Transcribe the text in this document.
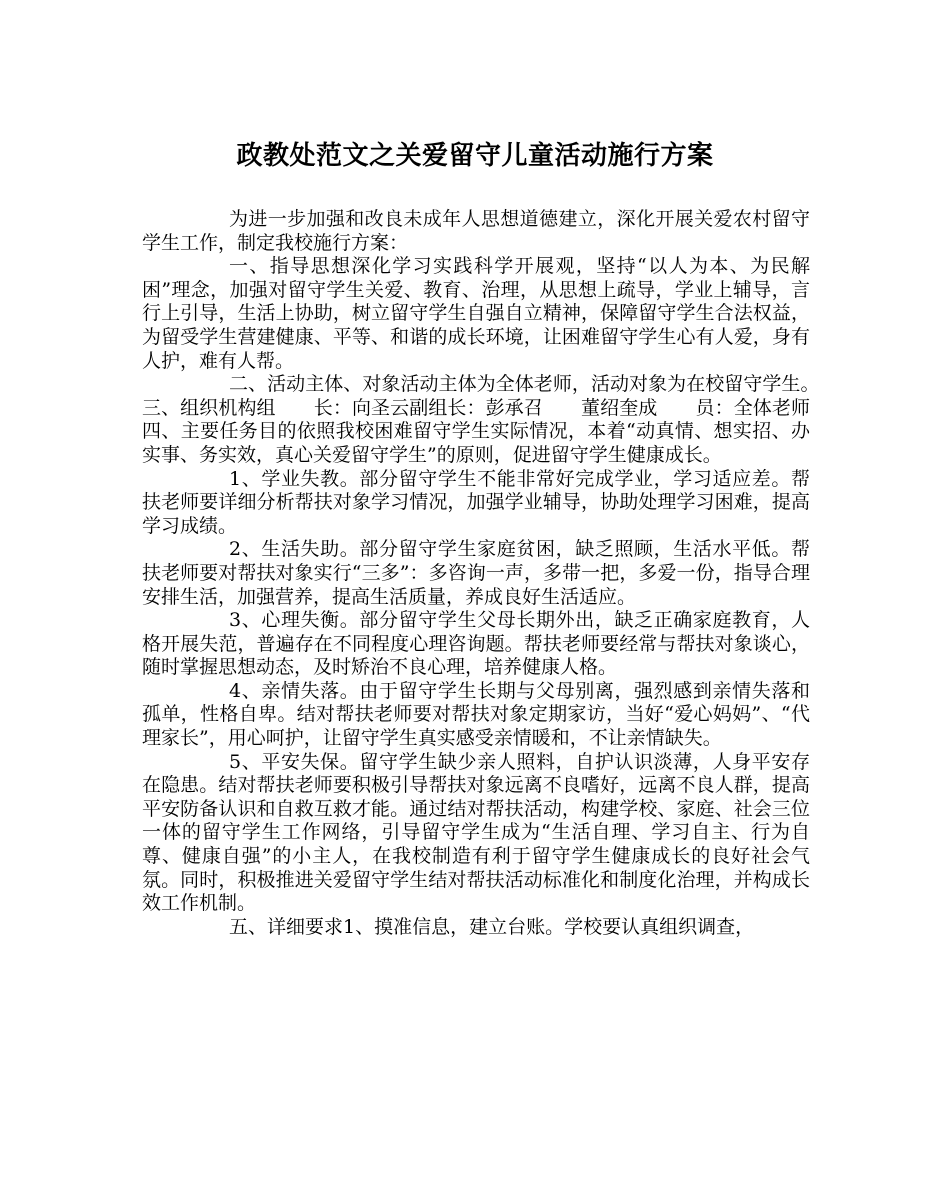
政教处范文之关爱留守儿童活动施行方案

为进一步加强和改良未成年人思想道德建立，深化开展关爱农村留守学生工作，制定我校施行方案：

一、指导思想深化学习实践科学开展观，坚持“以人为本、为民解困”理念，加强对留守学生关爱、教育、治理，从思想上疏导，学业上辅导，言行上引导，生活上协助，树立留守学生自强自立精神，保障留守学生合法权益，为留受学生营建健康、平等、和谐的成长环境，让困难留守学生心有人爱，身有人护，难有人帮。

二、活动主体、对象活动主体为全体老师，活动对象为在校留守学生。　　　三、组织机构组　　长：向圣云副组长：彭承召　　董绍奎成　　员：全体老师四、主要任务目的依照我校困难留守学生实际情况，本着“动真情、想实招、办实事、务实效，真心关爱留守学生”的原则，促进留守学生健康成长。

1、学业失教。部分留守学生不能非常好完成学业，学习适应差。帮扶老师要详细分析帮扶对象学习情况，加强学业辅导，协助处理学习困难，提高学习成绩。

2、生活失助。部分留守学生家庭贫困，缺乏照顾，生活水平低。帮扶老师要对帮扶对象实行“三多”：多咨询一声，多带一把，多爱一份，指导合理安排生活，加强营养，提高生活质量，养成良好生活适应。

3、心理失衡。部分留守学生父母长期外出，缺乏正确家庭教育，人格开展失范，普遍存在不同程度心理咨询题。帮扶老师要经常与帮扶对象谈心，随时掌握思想动态，及时矫治不良心理，培养健康人格。

4、亲情失落。由于留守学生长期与父母别离，强烈感到亲情失落和孤单，性格自卑。结对帮扶老师要对帮扶对象定期家访，当好“爱心妈妈”、“代理家长”，用心呵护，让留守学生真实感受亲情暖和，不让亲情缺失。

5、平安失保。留守学生缺少亲人照料，自护认识淡薄，人身平安存在隐患。结对帮扶老师要积极引导帮扶对象远离不良嗜好，远离不良人群，提高平安防备认识和自救互救才能。通过结对帮扶活动，构建学校、家庭、社会三位一体的留守学生工作网络，引导留守学生成为“生活自理、学习自主、行为自尊、健康自强”的小主人，在我校制造有利于留守学生健康成长的良好社会气氛。同时，积极推进关爱留守学生结对帮扶活动标准化和制度化治理，并构成长效工作机制。

五、详细要求1、摸准信息，建立台账。学校要认真组织调查，
